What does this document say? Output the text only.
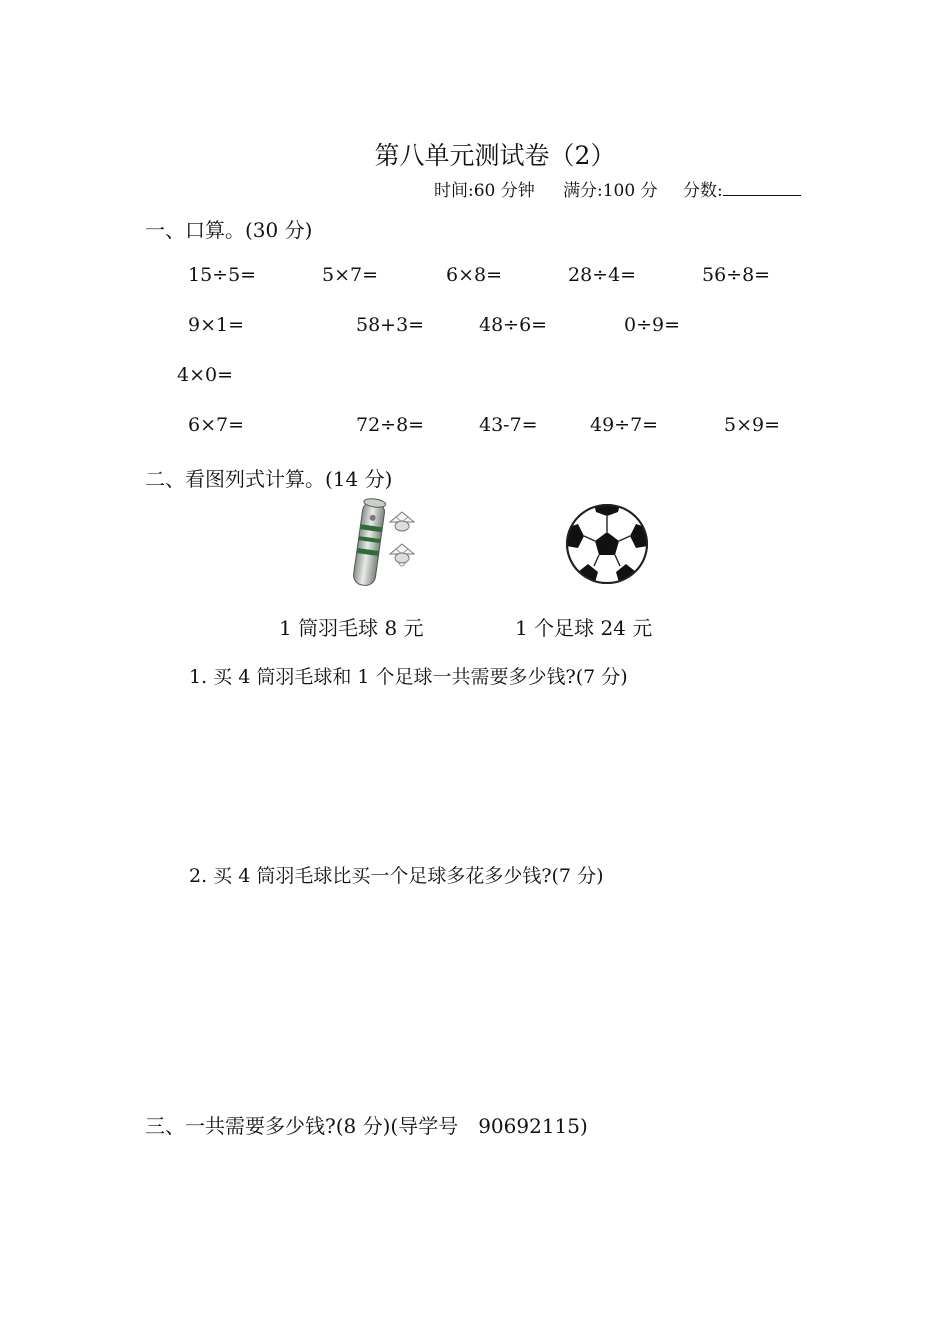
第八单元测试卷（2）
时间:60 分钟 满分:100 分 分数:
一、口算。(30 分)
15÷5=	5×7=	6×8=	28÷4=	56÷8=
9×1=	58+3=	48÷6=	0÷9=
4×0=
6×7=	72÷8=	43-7=	49÷7=	5×9=
二、看图列式计算。(14 分)
1 筒羽毛球 8 元	1 个足球 24 元
1. 买 4 筒羽毛球和 1 个足球一共需要多少钱?(7 分)
2. 买 4 筒羽毛球比买一个足球多花多少钱?(7 分)
三、一共需要多少钱?(8 分)(导学号　90692115)
